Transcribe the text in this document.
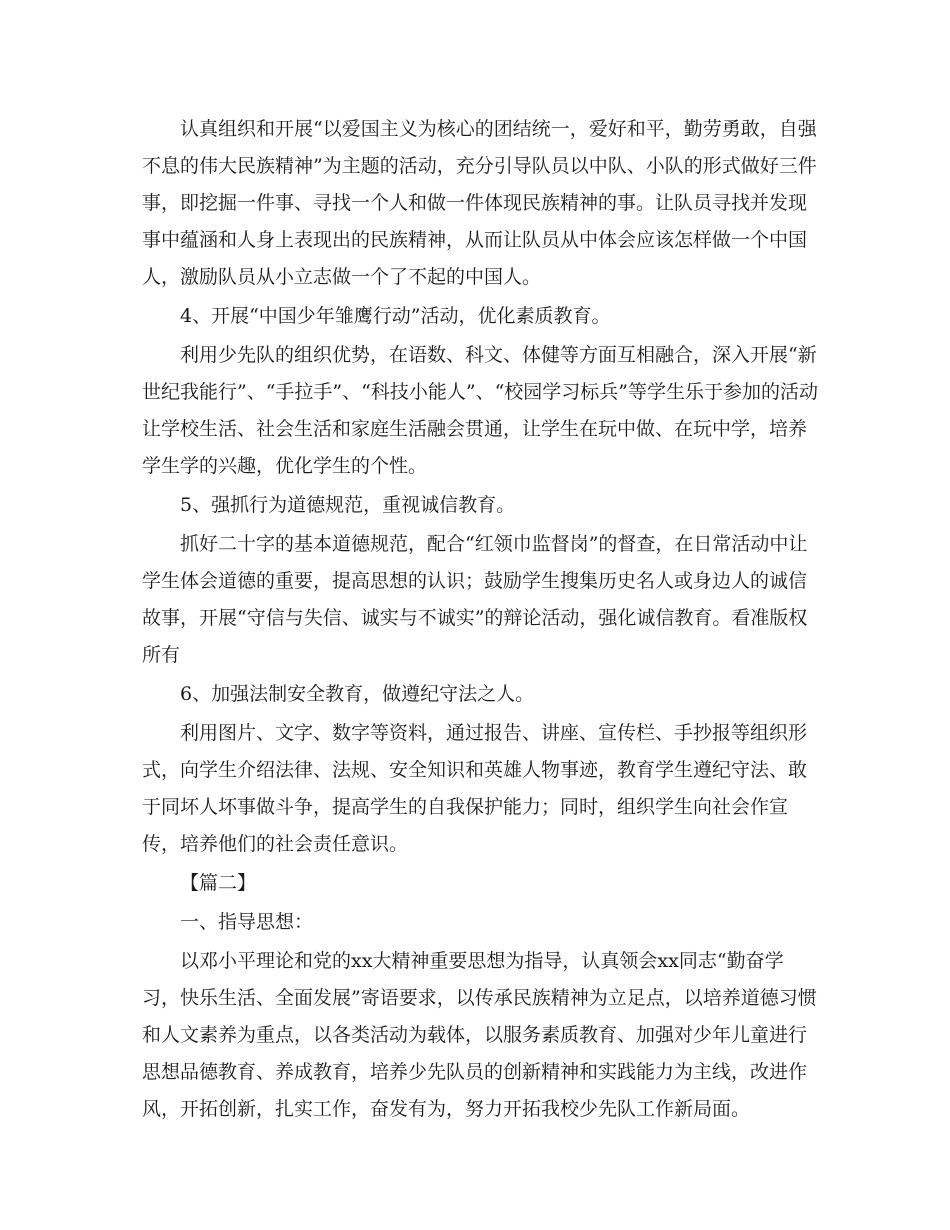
认真组织和开展“以爱国主义为核心的团结统一，爱好和平，勤劳勇敢，自强
不息的伟大民族精神”为主题的活动，充分引导队员以中队、小队的形式做好三件
事，即挖掘一件事、寻找一个人和做一件体现民族精神的事。让队员寻找并发现
事中蕴涵和人身上表现出的民族精神，从而让队员从中体会应该怎样做一个中国
人，激励队员从小立志做一个了不起的中国人。
4、开展“中国少年雏鹰行动”活动，优化素质教育。
利用少先队的组织优势，在语数、科文、体健等方面互相融合，深入开展“新
世纪我能行”、“手拉手”、“科技小能人”、“校园学习标兵”等学生乐于参加的活动
让学校生活、社会生活和家庭生活融会贯通，让学生在玩中做、在玩中学，培养
学生学的兴趣，优化学生的个性。
5、强抓行为道德规范，重视诚信教育。
抓好二十字的基本道德规范，配合“红领巾监督岗”的督查，在日常活动中让
学生体会道德的重要，提高思想的认识；鼓励学生搜集历史名人或身边人的诚信
故事，开展“守信与失信、诚实与不诚实”的辩论活动，强化诚信教育。看准版权
所有
6、加强法制安全教育，做遵纪守法之人。
利用图片、文字、数字等资料，通过报告、讲座、宣传栏、手抄报等组织形
式，向学生介绍法律、法规、安全知识和英雄人物事迹，教育学生遵纪守法、敢
于同坏人坏事做斗争，提高学生的自我保护能力；同时，组织学生向社会作宣
传，培养他们的社会责任意识。
【篇二】
一、指导思想：
以邓小平理论和党的xx大精神重要思想为指导，认真领会xx同志“勤奋学
习，快乐生活、全面发展”寄语要求，以传承民族精神为立足点，以培养道德习惯
和人文素养为重点，以各类活动为载体，以服务素质教育、加强对少年儿童进行
思想品德教育、养成教育，培养少先队员的创新精神和实践能力为主线，改进作
风，开拓创新，扎实工作，奋发有为，努力开拓我校少先队工作新局面。
